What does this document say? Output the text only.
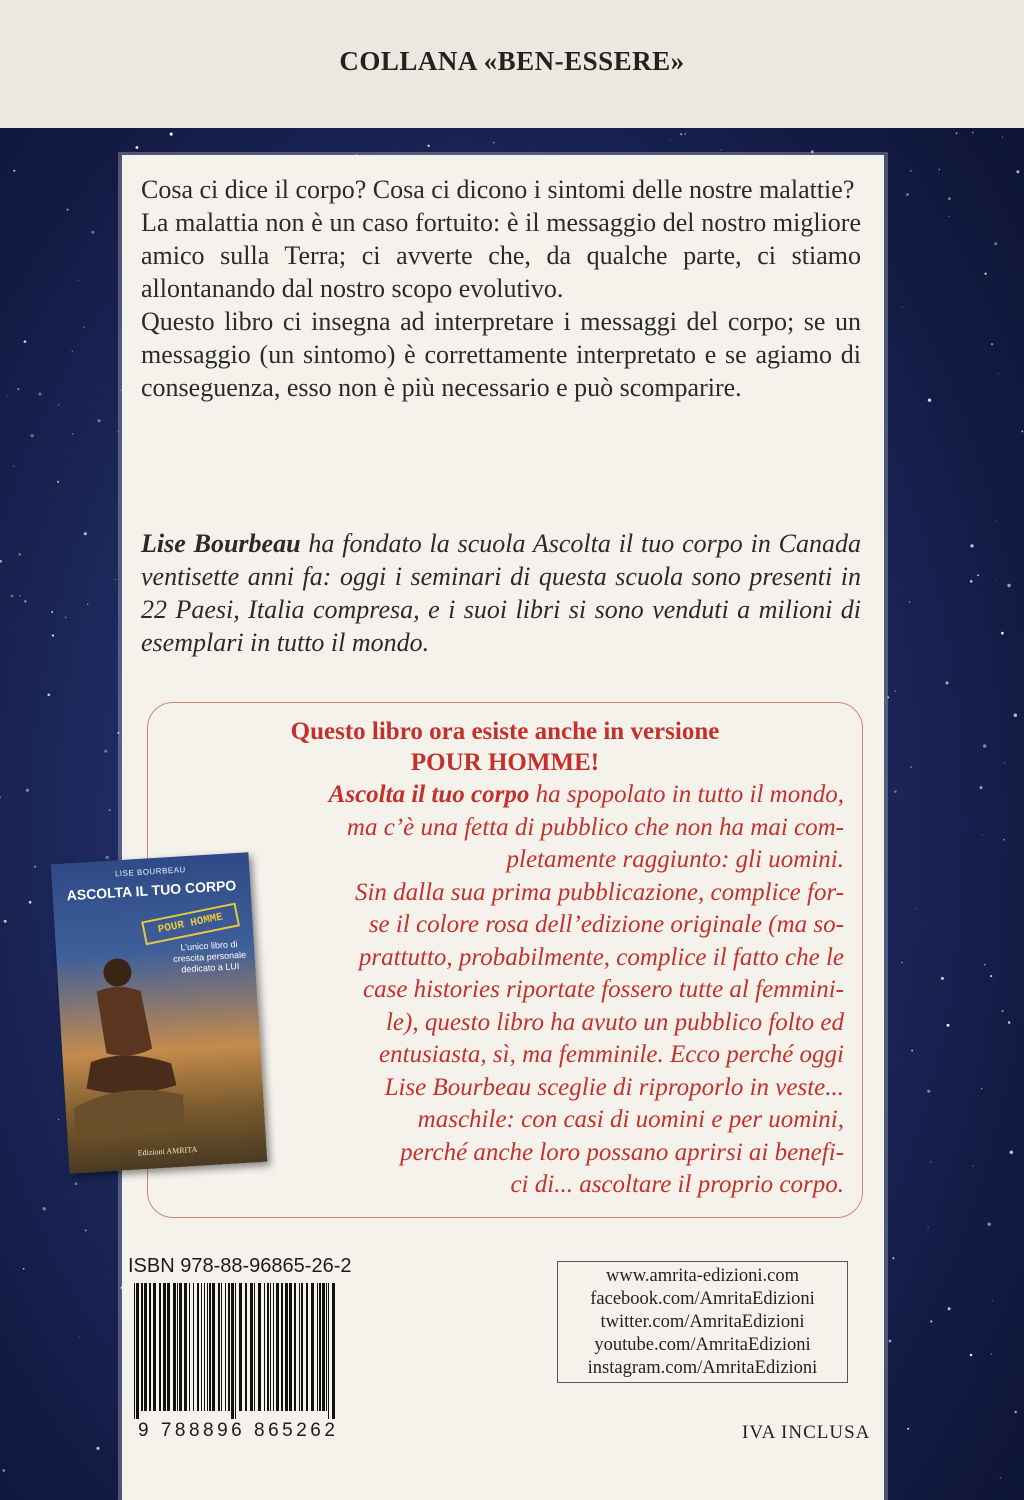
COLLANA «BEN-ESSERE»

Cosa ci dice il corpo? Cosa ci dicono i sintomi delle nostre malattie?
La malattia non è un caso fortuito: è il messaggio del nostro migliore amico sulla Terra; ci avverte che, da qualche parte, ci stiamo allontanando dal nostro scopo evolutivo.
Questo libro ci insegna ad interpretare i messaggi del corpo; se un messaggio (un sintomo) è correttamente interpretato e se agiamo di conseguenza, esso non è più necessario e può scomparire.

Lise Bourbeau ha fondato la scuola Ascolta il tuo corpo in Canada ventisette anni fa: oggi i seminari di questa scuola sono presenti in 22 Paesi, Italia compresa, e i suoi libri si sono venduti a milioni di esemplari in tutto il mondo.

Questo libro ora esiste anche in versione
POUR HOMME!

Ascolta il tuo corpo ha spopolato in tutto il mondo,
ma c’è una fetta di pubblico che non ha mai com-
pletamente raggiunto: gli uomini.
Sin dalla sua prima pubblicazione, complice for-
se il colore rosa dell’edizione originale (ma so-
prattutto, probabilmente, complice il fatto che le
case histories riportate fossero tutte al femmini-
le), questo libro ha avuto un pubblico folto ed
entusiasta, sì, ma femminile. Ecco perché oggi
Lise Bourbeau sceglie di riproporlo in veste...
maschile: con casi di uomini e per uomini,
perché anche loro possano aprirsi ai benefi-
ci di... ascoltare il proprio corpo.

LISE BOURBEAU
ASCOLTA IL TUO CORPO
POUR HOMME
L’unico libro di crescita personale dedicato a LUI
Edizioni AMRITA
ISBN 978-88-96865-26-2
9 788896 865262
www.amrita-edizioni.com
facebook.com/AmritaEdizioni
twitter.com/AmritaEdizioni
youtube.com/AmritaEdizioni
instagram.com/AmritaEdizioni
IVA INCLUSA
